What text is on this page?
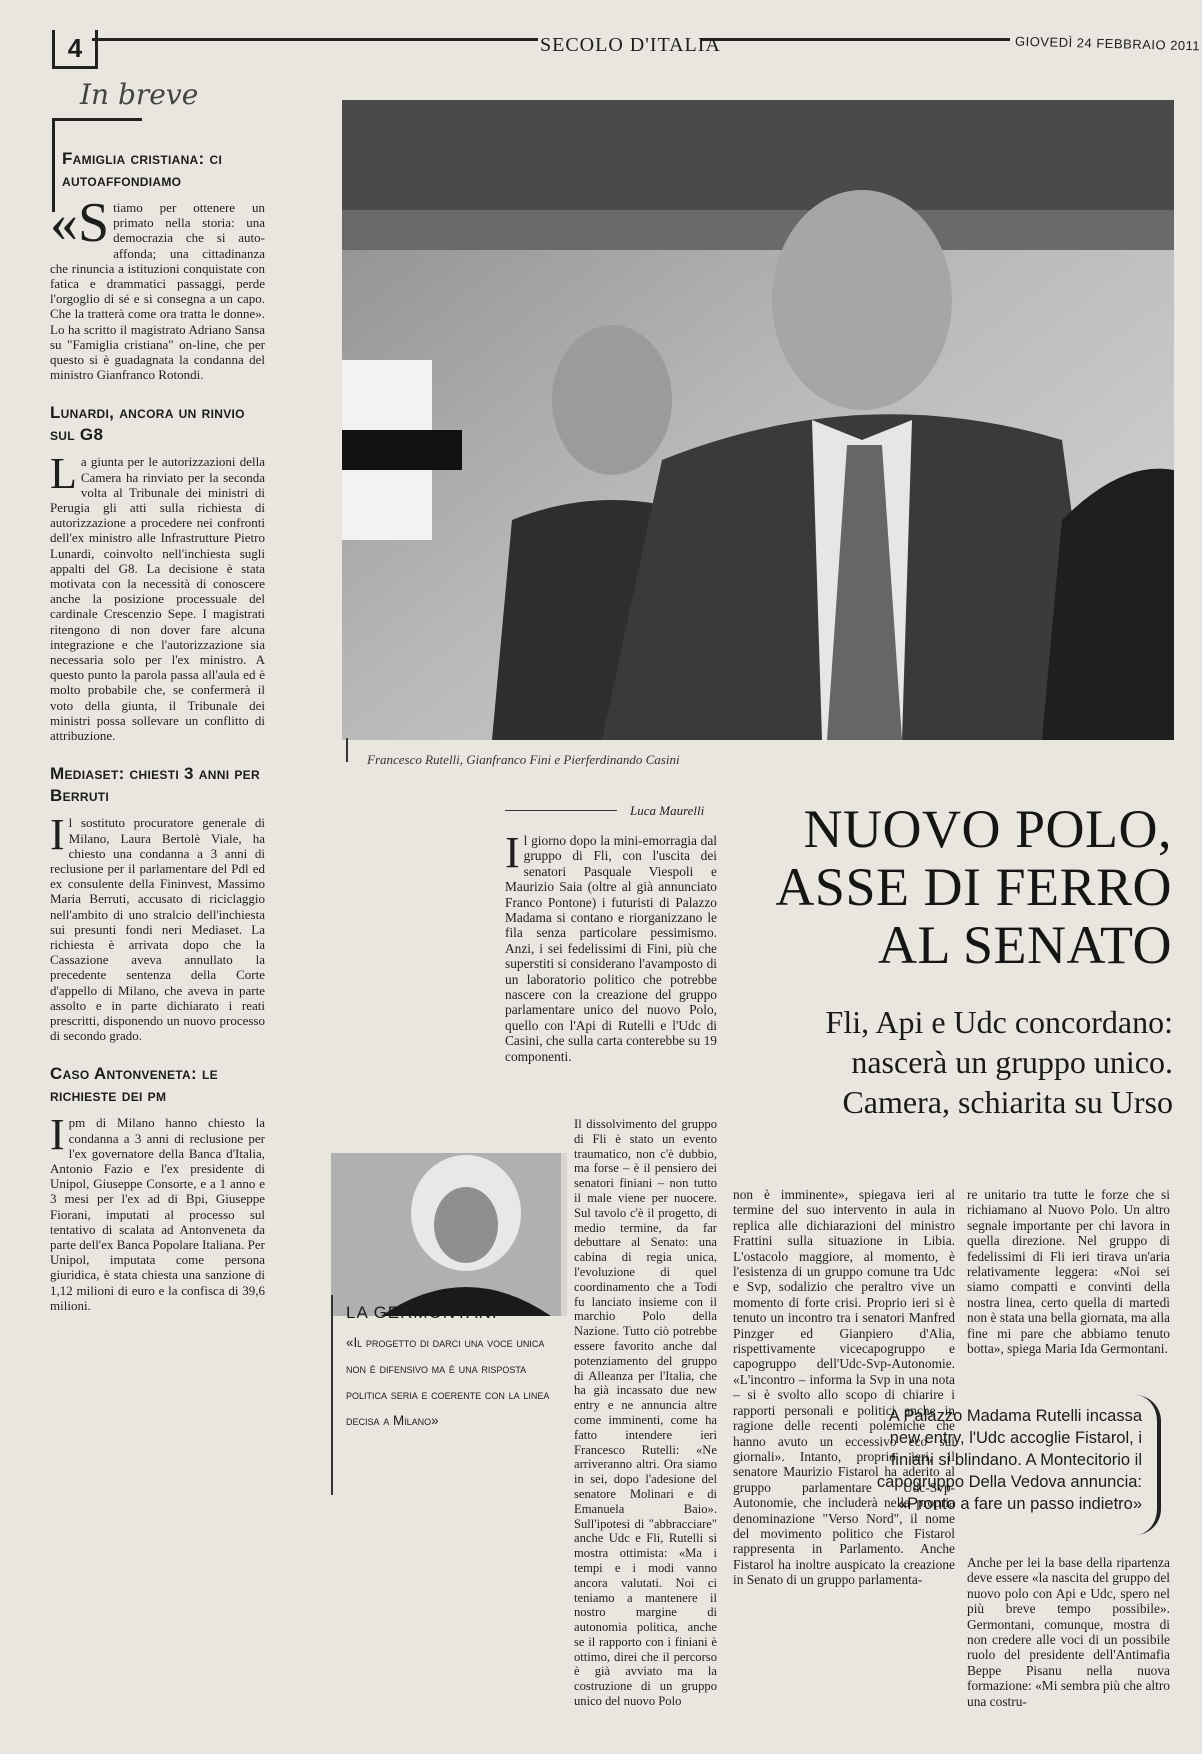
4	SECOLO D'ITALIA	GIOVEDÌ 24 FEBBRAIO 2011
In breve
Famiglia cristiana: ci autoaffondiamo
«S tiamo per ottenere un primato nella storia: una democrazia che si auto-affonda; una cittadinanza che rinuncia a istituzioni conquistate con fatica e drammatici passaggi, perde l'orgoglio di sé e si consegna a un capo. Che la tratterà come ora tratta le donne». Lo ha scritto il magistrato Adriano Sansa su "Famiglia cristiana" on-line, che per questo si è guadagnata la condanna del ministro Gianfranco Rotondi.
Lunardi, ancora un rinvio sul G8
L a giunta per le autorizzazioni della Camera ha rinviato per la seconda volta al Tribunale dei ministri di Perugia gli atti sulla richiesta di autorizzazione a procedere nei confronti dell'ex ministro alle Infrastrutture Pietro Lunardi, coinvolto nell'inchiesta sugli appalti del G8. La decisione è stata motivata con la necessità di conoscere anche la posizione processuale del cardinale Crescenzio Sepe. I magistrati ritengono di non dover fare alcuna integrazione e che l'autorizzazione sia necessaria solo per l'ex ministro. A questo punto la parola passa all'aula ed è molto probabile che, se confermerà il voto della giunta, il Tribunale dei ministri possa sollevare un conflitto di attribuzione.
Mediaset: chiesti 3 anni per Berruti
I l sostituto procuratore generale di Milano, Laura Bertolè Viale, ha chiesto una condanna a 3 anni di reclusione per il parlamentare del Pdl ed ex consulente della Fininvest, Massimo Maria Berruti, accusato di riciclaggio nell'ambito di uno stralcio dell'inchiesta sui presunti fondi neri Mediaset. La richiesta è arrivata dopo che la Cassazione aveva annullato la precedente sentenza della Corte d'appello di Milano, che aveva in parte assolto e in parte dichiarato i reati prescritti, disponendo un nuovo processo di secondo grado.
Caso Antonveneta: le richieste dei pm
I pm di Milano hanno chiesto la condanna a 3 anni di reclusione per l'ex governatore della Banca d'Italia, Antonio Fazio e l'ex presidente di Unipol, Giuseppe Consorte, e a 1 anno e 3 mesi per l'ex ad di Bpi, Giuseppe Fiorani, imputati al processo sul tentativo di scalata ad Antonveneta da parte dell'ex Banca Popolare Italiana. Per Unipol, imputata come persona giuridica, è stata chiesta una sanzione di 1,12 milioni di euro e la confisca di 39,6 milioni.
Francesco Rutelli, Gianfranco Fini e Pierferdinando Casini
Luca Maurelli	NUOVO POLO,
ASSE DI FERRO
AL SENATO
Fli, Api e Udc concordano:
nascerà un gruppo unico.
Camera, schiarita su Urso
I l giorno dopo la mini-emorragia dal gruppo di Fli, con l'uscita dei senatori Pasquale Viespoli e Maurizio Saia (oltre al già annunciato Franco Pontone) i futuristi di Palazzo Madama si contano e riorganizzano le fila senza particolare pessimismo. Anzi, i sei fedelissimi di Fini, più che superstiti si considerano l'avamposto di un laboratorio politico che potrebbe nascere con la creazione del gruppo parlamentare unico del nuovo Polo, quello con l'Api di Rutelli e l'Udc di Casini, che sulla carta conterebbe su 19 componenti.
Il dissolvimento del gruppo di Fli è stato un evento traumatico, non c'è dubbio, ma forse – è il pensiero dei senatori finiani – non tutto il male viene per nuocere. Sul tavolo c'è il progetto, di medio termine, da far debuttare al Senato: una cabina di regia unica, l'evoluzione di quel coordinamento che a Todi fu lanciato insieme con il marchio Polo della Nazione. Tutto ciò potrebbe essere favorito anche dal potenziamento del gruppo di Alleanza per l'Italia, che ha già incassato due new entry e ne annuncia altre come imminenti, come ha fatto intendere ieri Francesco Rutelli: «Ne arriveranno altri. Ora siamo in sei, dopo l'adesione del senatore Molinari e di Emanuela Baio». Sull'ipotesi di "abbracciare" anche Udc e Fli, Rutelli si mostra ottimista: «Ma i tempi e i modi vanno ancora valutati. Noi ci teniamo a mantenere il nostro margine di autonomia politica, anche se il rapporto con i finiani è ottimo, direi che il percorso è già avviato ma la costruzione di un gruppo unico del nuovo Polo
LA GERMONTANI
«Il progetto di darci una voce unica non è difensivo ma è una risposta politica seria e coerente con la linea decisa a Milano»
non è imminente», spiegava ieri al termine del suo intervento in aula in replica alle dichiarazioni del ministro Frattini sulla situazione in Libia. L'ostacolo maggiore, al momento, è l'esistenza di un gruppo comune tra Udc e Svp, sodalizio che peraltro vive un momento di forte crisi. Proprio ieri si è tenuto un incontro tra i senatori Manfred Pinzger ed Gianpiero d'Alia, rispettivamente vicecapogruppo e capogruppo dell'Udc-Svp-Autonomie. «L'incontro – informa la Svp in una nota – si è svolto allo scopo di chiarire i rapporti personali e politici anche in ragione delle recenti polemiche che hanno avuto un eccessivo eco sui giornali». Intanto, proprio ieri, il senatore Maurizio Fistarol ha aderito al gruppo parlamentare Udc-Svp-Autonomie, che includerà nella propria denominazione "Verso Nord", il nome del movimento politico che Fistarol rappresenta in Parlamento. Anche Fistarol ha inoltre auspicato la creazione in Senato di un gruppo parlamenta-
re unitario tra tutte le forze che si richiamano al Nuovo Polo. Un altro segnale importante per chi lavora in quella direzione. Nel gruppo di fedelissimi di Fli ieri tirava un'aria relativamente leggera: «Noi sei siamo compatti e convinti della nostra linea, certo quella di martedì non è stata una bella giornata, ma alla fine mi pare che abbiamo tenuto botta», spiega Maria Ida Germontani.
A Palazzo Madama Rutelli incassa new entry, l'Udc accoglie Fistarol, i finiani si blindano. A Montecitorio il capogruppo Della Vedova annuncia: «Pronto a fare un passo indietro»
Anche per lei la base della ripartenza deve essere «la nascita del gruppo del nuovo polo con Api e Udc, spero nel più breve tempo possibile». Germontani, comunque, mostra di non credere alle voci di un possibile ruolo del presidente dell'Antimafia Beppe Pisanu nella nuova formazione: «Mi sembra più che altro una costru-
